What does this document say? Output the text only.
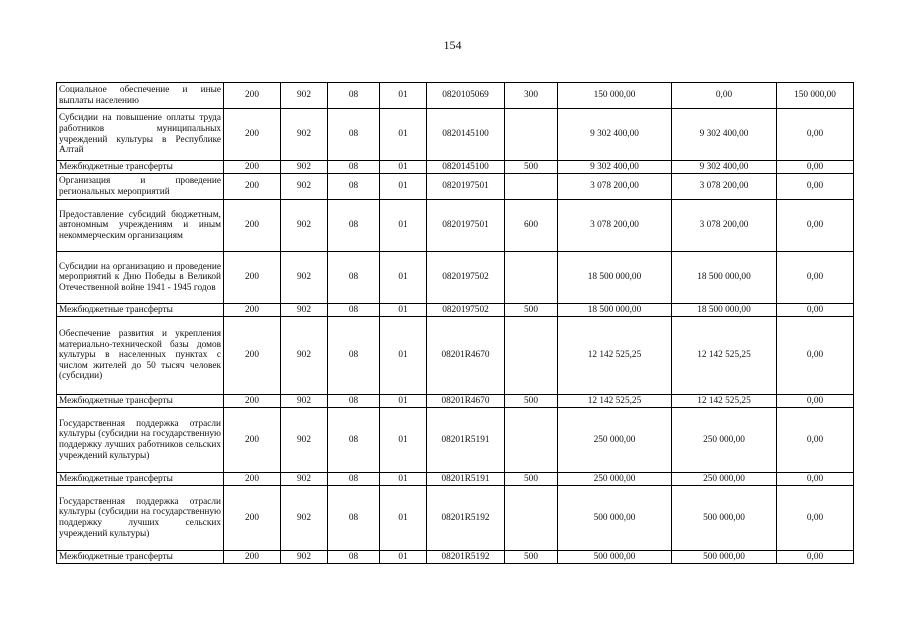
154
Социальное обеспечение и иные выплаты населению	200	902	08	01	0820105069	300	150 000,00	0,00	150 000,00
Субсидии на повышение оплаты труда работников муниципальных учреждений культуры в Республике Алтай	200	902	08	01	0820145100		9 302 400,00	9 302 400,00	0,00
Межбюджетные трансферты	200	902	08	01	0820145100	500	9 302 400,00	9 302 400,00	0,00
Организация и проведение региональных мероприятий	200	902	08	01	0820197501		3 078 200,00	3 078 200,00	0,00
Предоставление субсидий бюджетным, автономным учреждениям и иным некоммерческим организациям	200	902	08	01	0820197501	600	3 078 200,00	3 078 200,00	0,00
Субсидии на организацию и проведение мероприятий к Дню Победы в Великой Отечественной войне 1941 - 1945 годов	200	902	08	01	0820197502		18 500 000,00	18 500 000,00	0,00
Межбюджетные трансферты	200	902	08	01	0820197502	500	18 500 000,00	18 500 000,00	0,00
Обеспечение развития и укрепления материально-технической базы домов культуры в населенных пунктах с числом жителей до 50 тысяч человек (субсидии)	200	902	08	01	08201R4670		12 142 525,25	12 142 525,25	0,00
Межбюджетные трансферты	200	902	08	01	08201R4670	500	12 142 525,25	12 142 525,25	0,00
Государственная поддержка отрасли культуры (субсидии на государственную поддержку лучших работников сельских учреждений культуры)	200	902	08	01	08201R5191		250 000,00	250 000,00	0,00
Межбюджетные трансферты	200	902	08	01	08201R5191	500	250 000,00	250 000,00	0,00
Государственная поддержка отрасли культуры (субсидии на государственную поддержку лучших сельских учреждений культуры)	200	902	08	01	08201R5192		500 000,00	500 000,00	0,00
Межбюджетные трансферты	200	902	08	01	08201R5192	500	500 000,00	500 000,00	0,00
